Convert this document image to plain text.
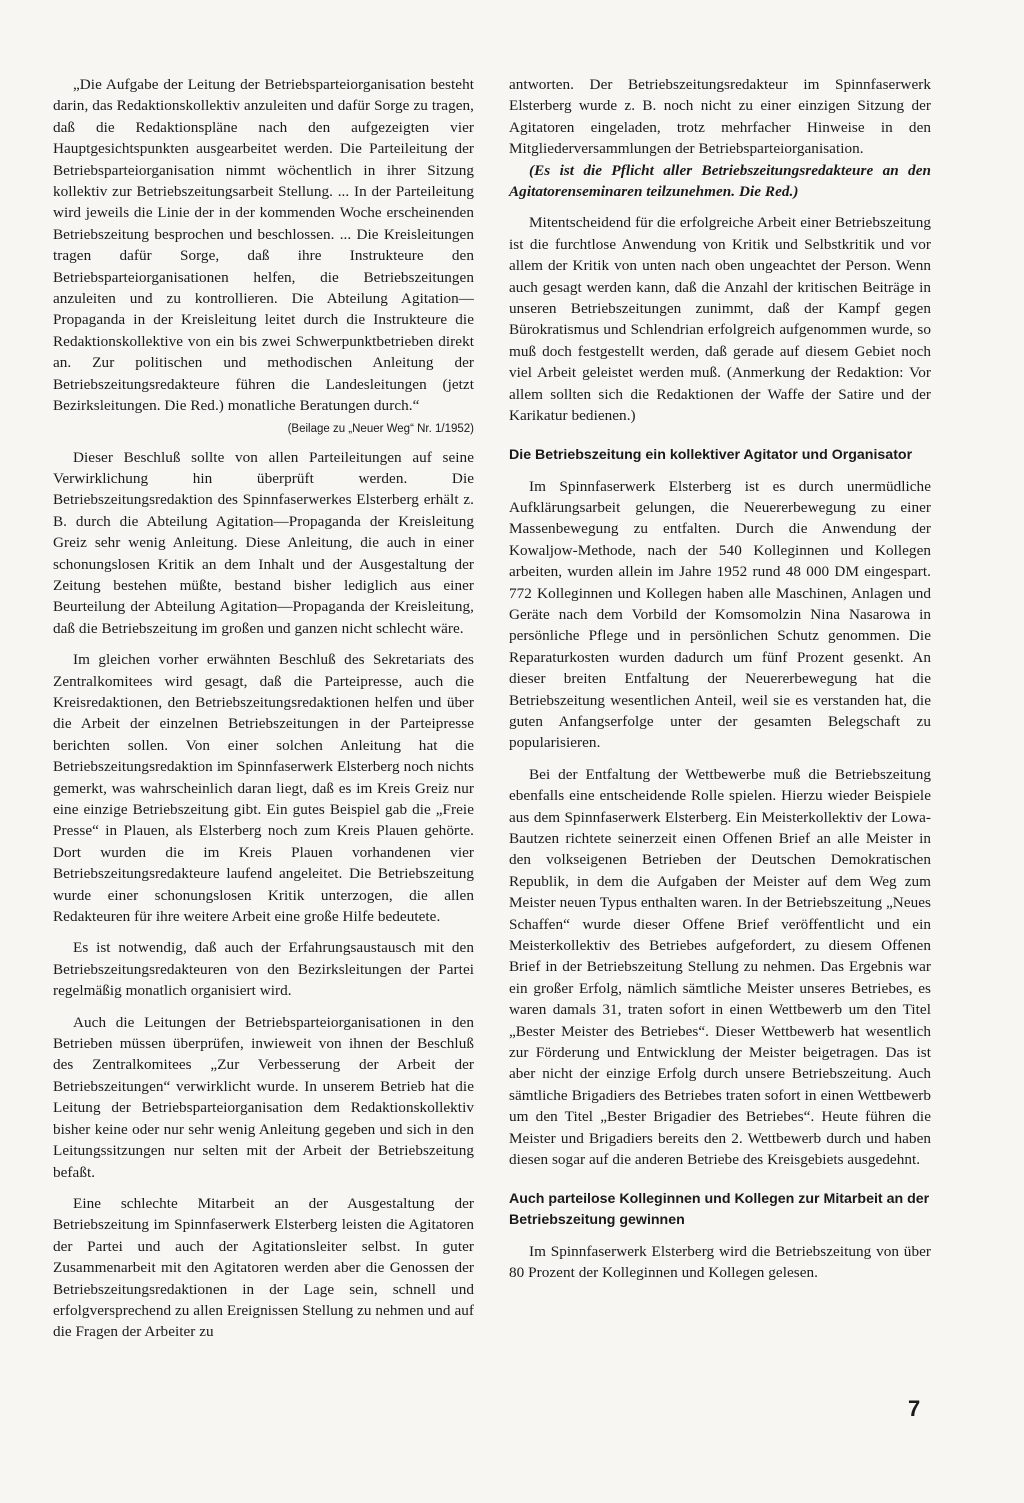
„Die Aufgabe der Leitung der Betriebsparteiorganisation besteht darin, das Redaktionskollektiv anzuleiten und dafür Sorge zu tragen, daß die Redaktionspläne nach den aufgezeigten vier Hauptgesichtspunkten ausgearbeitet werden. Die Parteileitung der Betriebsparteiorganisation nimmt wöchentlich in ihrer Sitzung kollektiv zur Betriebszeitungsarbeit Stellung. ... In der Parteileitung wird jeweils die Linie der in der kommenden Woche erscheinenden Betriebszeitung besprochen und beschlossen. ... Die Kreisleitungen tragen dafür Sorge, daß ihre Instrukteure den Betriebsparteiorganisationen helfen, die Betriebszeitungen anzuleiten und zu kontrollieren. Die Abteilung Agitation—Propaganda in der Kreisleitung leitet durch die Instrukteure die Redaktionskollektive von ein bis zwei Schwerpunktbetrieben direkt an. Zur politischen und methodischen Anleitung der Betriebszeitungsredakteure führen die Landesleitungen (jetzt Bezirksleitungen. Die Red.) monatliche Beratungen durch.“

(Beilage zu „Neuer Weg“ Nr. 1/1952)

Dieser Beschluß sollte von allen Parteileitungen auf seine Verwirklichung hin überprüft werden. Die Betriebszeitungsredaktion des Spinnfaserwerkes Elsterberg erhält z. B. durch die Abteilung Agitation—Propaganda der Kreisleitung Greiz sehr wenig Anleitung. Diese Anleitung, die auch in einer schonungslosen Kritik an dem Inhalt und der Ausgestaltung der Zeitung bestehen müßte, bestand bisher lediglich aus einer Beurteilung der Abteilung Agitation—Propaganda der Kreisleitung, daß die Betriebszeitung im großen und ganzen nicht schlecht wäre.

Im gleichen vorher erwähnten Beschluß des Sekretariats des Zentralkomitees wird gesagt, daß die Parteipresse, auch die Kreisredaktionen, den Betriebszeitungsredaktionen helfen und über die Arbeit der einzelnen Betriebszeitungen in der Parteipresse berichten sollen. Von einer solchen Anleitung hat die Betriebszeitungsredaktion im Spinnfaserwerk Elsterberg noch nichts gemerkt, was wahrscheinlich daran liegt, daß es im Kreis Greiz nur eine einzige Betriebszeitung gibt. Ein gutes Beispiel gab die „Freie Presse“ in Plauen, als Elsterberg noch zum Kreis Plauen gehörte. Dort wurden die im Kreis Plauen vorhandenen vier Betriebszeitungsredakteure laufend angeleitet. Die Betriebszeitung wurde einer schonungslosen Kritik unterzogen, die allen Redakteuren für ihre weitere Arbeit eine große Hilfe bedeutete.

Es ist notwendig, daß auch der Erfahrungsaustausch mit den Betriebszeitungsredakteuren von den Bezirksleitungen der Partei regelmäßig monatlich organisiert wird.

Auch die Leitungen der Betriebsparteiorganisationen in den Betrieben müssen überprüfen, inwieweit von ihnen der Beschluß des Zentralkomitees „Zur Verbesserung der Arbeit der Betriebszeitungen“ verwirklicht wurde. In unserem Betrieb hat die Leitung der Betriebsparteiorganisation dem Redaktionskollektiv bisher keine oder nur sehr wenig Anleitung gegeben und sich in den Leitungssitzungen nur selten mit der Arbeit der Betriebszeitung befaßt.

Eine schlechte Mitarbeit an der Ausgestaltung der Betriebszeitung im Spinnfaserwerk Elsterberg leisten die Agitatoren der Partei und auch der Agitationsleiter selbst. In guter Zusammenarbeit mit den Agitatoren werden aber die Genossen der Betriebszeitungsredaktionen in der Lage sein, schnell und erfolgversprechend zu allen Ereignissen Stellung zu nehmen und auf die Fragen der Arbeiter zu

antworten. Der Betriebszeitungsredakteur im Spinnfaserwerk Elsterberg wurde z. B. noch nicht zu einer einzigen Sitzung der Agitatoren eingeladen, trotz mehrfacher Hinweise in den Mitgliederversammlungen der Betriebsparteiorganisation.

(Es ist die Pflicht aller Betriebszeitungsredakteure an den Agitatorenseminaren teilzunehmen. Die Red.)

Mitentscheidend für die erfolgreiche Arbeit einer Betriebszeitung ist die furchtlose Anwendung von Kritik und Selbstkritik und vor allem der Kritik von unten nach oben ungeachtet der Person. Wenn auch gesagt werden kann, daß die Anzahl der kritischen Beiträge in unseren Betriebszeitungen zunimmt, daß der Kampf gegen Bürokratismus und Schlendrian erfolgreich aufgenommen wurde, so muß doch festgestellt werden, daß gerade auf diesem Gebiet noch viel Arbeit geleistet werden muß. (Anmerkung der Redaktion: Vor allem sollten sich die Redaktionen der Waffe der Satire und der Karikatur bedienen.)

Die Betriebszeitung ein kollektiver Agitator und Organisator

Im Spinnfaserwerk Elsterberg ist es durch unermüdliche Aufklärungsarbeit gelungen, die Neuererbewegung zu einer Massenbewegung zu entfalten. Durch die Anwendung der Kowaljow-Methode, nach der 540 Kolleginnen und Kollegen arbeiten, wurden allein im Jahre 1952 rund 48 000 DM eingespart. 772 Kolleginnen und Kollegen haben alle Maschinen, Anlagen und Geräte nach dem Vorbild der Komsomolzin Nina Nasarowa in persönliche Pflege und in persönlichen Schutz genommen. Die Reparaturkosten wurden dadurch um fünf Prozent gesenkt. An dieser breiten Entfaltung der Neuererbewegung hat die Betriebszeitung wesentlichen Anteil, weil sie es verstanden hat, die guten Anfangserfolge unter der gesamten Belegschaft zu popularisieren.

Bei der Entfaltung der Wettbewerbe muß die Betriebszeitung ebenfalls eine entscheidende Rolle spielen. Hierzu wieder Beispiele aus dem Spinnfaserwerk Elsterberg. Ein Meisterkollektiv der Lowa-Bautzen richtete seinerzeit einen Offenen Brief an alle Meister in den volkseigenen Betrieben der Deutschen Demokratischen Republik, in dem die Aufgaben der Meister auf dem Weg zum Meister neuen Typus enthalten waren. In der Betriebszeitung „Neues Schaffen“ wurde dieser Offene Brief veröffentlicht und ein Meisterkollektiv des Betriebes aufgefordert, zu diesem Offenen Brief in der Betriebszeitung Stellung zu nehmen. Das Ergebnis war ein großer Erfolg, nämlich sämtliche Meister unseres Betriebes, es waren damals 31, traten sofort in einen Wettbewerb um den Titel „Bester Meister des Betriebes“. Dieser Wettbewerb hat wesentlich zur Förderung und Entwicklung der Meister beigetragen. Das ist aber nicht der einzige Erfolg durch unsere Betriebszeitung. Auch sämtliche Brigadiers des Betriebes traten sofort in einen Wettbewerb um den Titel „Bester Brigadier des Betriebes“. Heute führen die Meister und Brigadiers bereits den 2. Wettbewerb durch und haben diesen sogar auf die anderen Betriebe des Kreisgebiets ausgedehnt.

Auch parteilose Kolleginnen und Kollegen zur Mitarbeit an der Betriebszeitung gewinnen

Im Spinnfaserwerk Elsterberg wird die Betriebszeitung von über 80 Prozent der Kolleginnen und Kollegen gelesen.

7
